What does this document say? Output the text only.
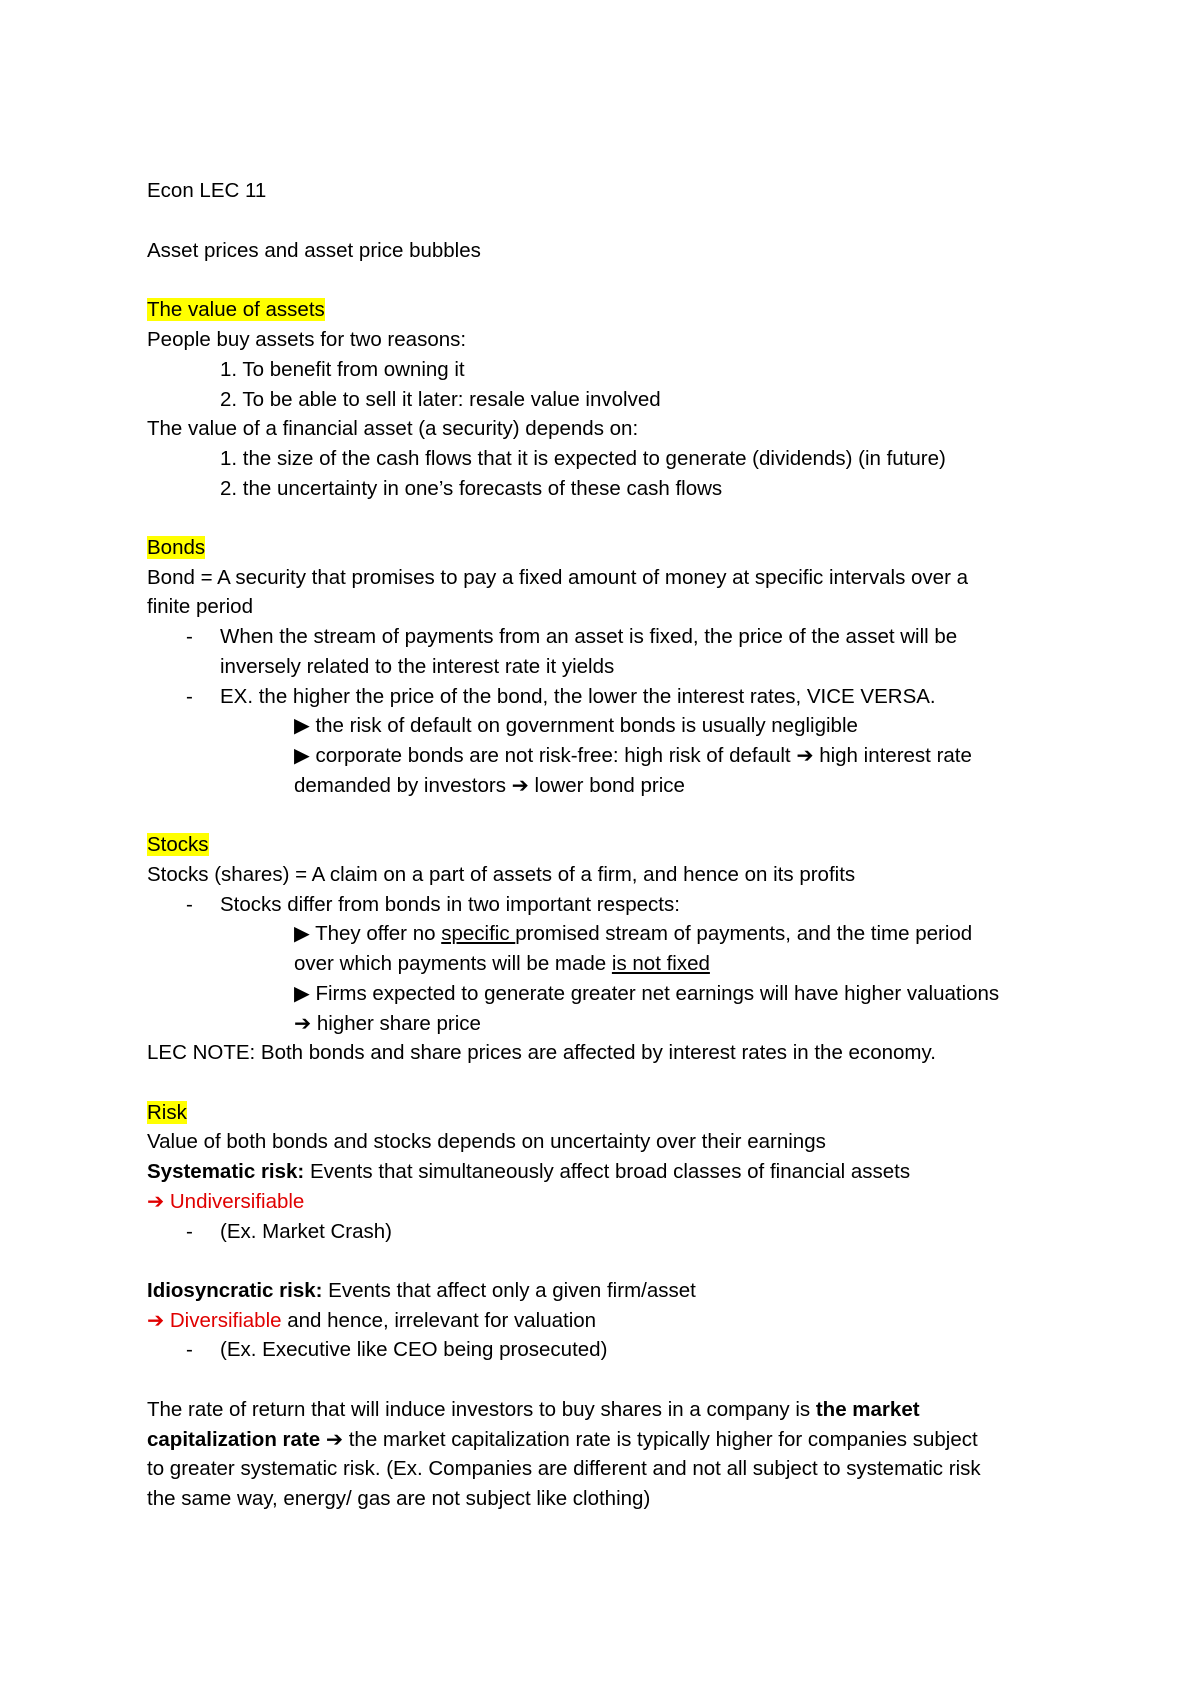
Econ LEC 11
Asset prices and asset price bubbles
The value of assets
People buy assets for two reasons:
1. To benefit from owning it
2. To be able to sell it later: resale value involved
The value of a financial asset (a security) depends on:
1. the size of the cash flows that it is expected to generate (dividends) (in future)
2. the uncertainty in one’s forecasts of these cash flows
Bonds
Bond = A security that promises to pay a fixed amount of money at specific intervals over a
finite period
- When the stream of payments from an asset is fixed, the price of the asset will be
inversely related to the interest rate it yields
- EX. the higher the price of the bond, the lower the interest rates, VICE VERSA.
▶ the risk of default on government bonds is usually negligible
▶ corporate bonds are not risk-free: high risk of default ➔ high interest rate
demanded by investors ➔ lower bond price
Stocks
Stocks (shares) = A claim on a part of assets of a firm, and hence on its profits
- Stocks differ from bonds in two important respects:
▶ They offer no specific promised stream of payments, and the time period
over which payments will be made is not fixed
▶ Firms expected to generate greater net earnings will have higher valuations
➔ higher share price
LEC NOTE: Both bonds and share prices are affected by interest rates in the economy.
Risk
Value of both bonds and stocks depends on uncertainty over their earnings
Systematic risk: Events that simultaneously affect broad classes of financial assets
➔ Undiversifiable
- (Ex. Market Crash)
Idiosyncratic risk: Events that affect only a given firm/asset
➔ Diversifiable and hence, irrelevant for valuation
- (Ex. Executive like CEO being prosecuted)
The rate of return that will induce investors to buy shares in a company is the market
capitalization rate ➔ the market capitalization rate is typically higher for companies subject
to greater systematic risk. (Ex. Companies are different and not all subject to systematic risk
the same way, energy/ gas are not subject like clothing)
